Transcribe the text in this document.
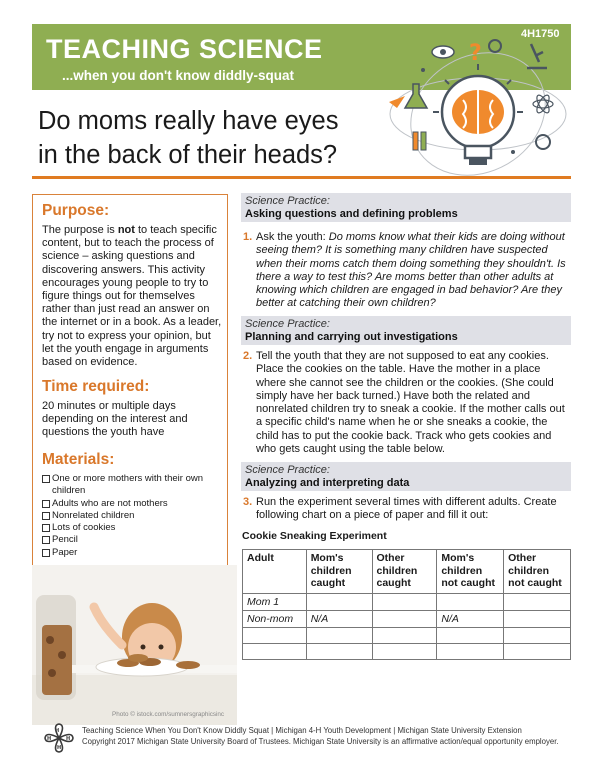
TEACHING SCIENCE
...when you don't know diddly-squat
4H1750
Do moms really have eyes
in the back of their heads?
?
Purpose:
The purpose is not to teach specific content, but to teach the process of science – asking questions and discovering answers. This activity encourages young people to try to figure things out for themselves rather than just read an answer on the internet or in a book. As a leader, try not to express your opinion, but let the youth engage in arguments based on evidence.
Time required:
20 minutes or multiple days depending on the interest and questions the youth have
Materials:
One or more mothers with their own children
Adults who are not mothers
Nonrelated children
Lots of cookies
Pencil
Paper
Photo © istock.com/sumnersgraphicsinc
Science Practice:
Asking questions and defining problems
1. Ask the youth: Do moms know what their kids are doing without seeing them? It is something many children have suspected when their moms catch them doing something they shouldn't. Is there a way to test this? Are moms better than other adults at knowing which children are engaged in bad behavior? Are they better at catching their own children?
Science Practice:
Planning and carrying out investigations
2. Tell the youth that they are not supposed to eat any cookies. Place the cookies on the table. Have the mother in a place where she cannot see the children or the cookies. (She could simply have her back turned.) Have both the related and nonrelated children try to sneak a cookie. If the mother calls out a specific child's name when he or she sneaks a cookie, the child has to put the cookie back. Track who gets cookies and who gets caught using the table below.
Science Practice:
Analyzing and interpreting data
3. Run the experiment several times with different adults. Create following chart on a piece of paper and fill it out:
Cookie Sneaking Experiment
Adult	Mom's children caught	Other children caught	Mom's children not caught	Other children not caught
Mom 1				
Non-mom	N/A		N/A	

H
H
H
H
Teaching Science When You Don't Know Diddly Squat | Michigan 4-H Youth Development | Michigan State University Extension
Copyright 2017 Michigan State University Board of Trustees. Michigan State University is an affirmative action/equal opportunity employer.
